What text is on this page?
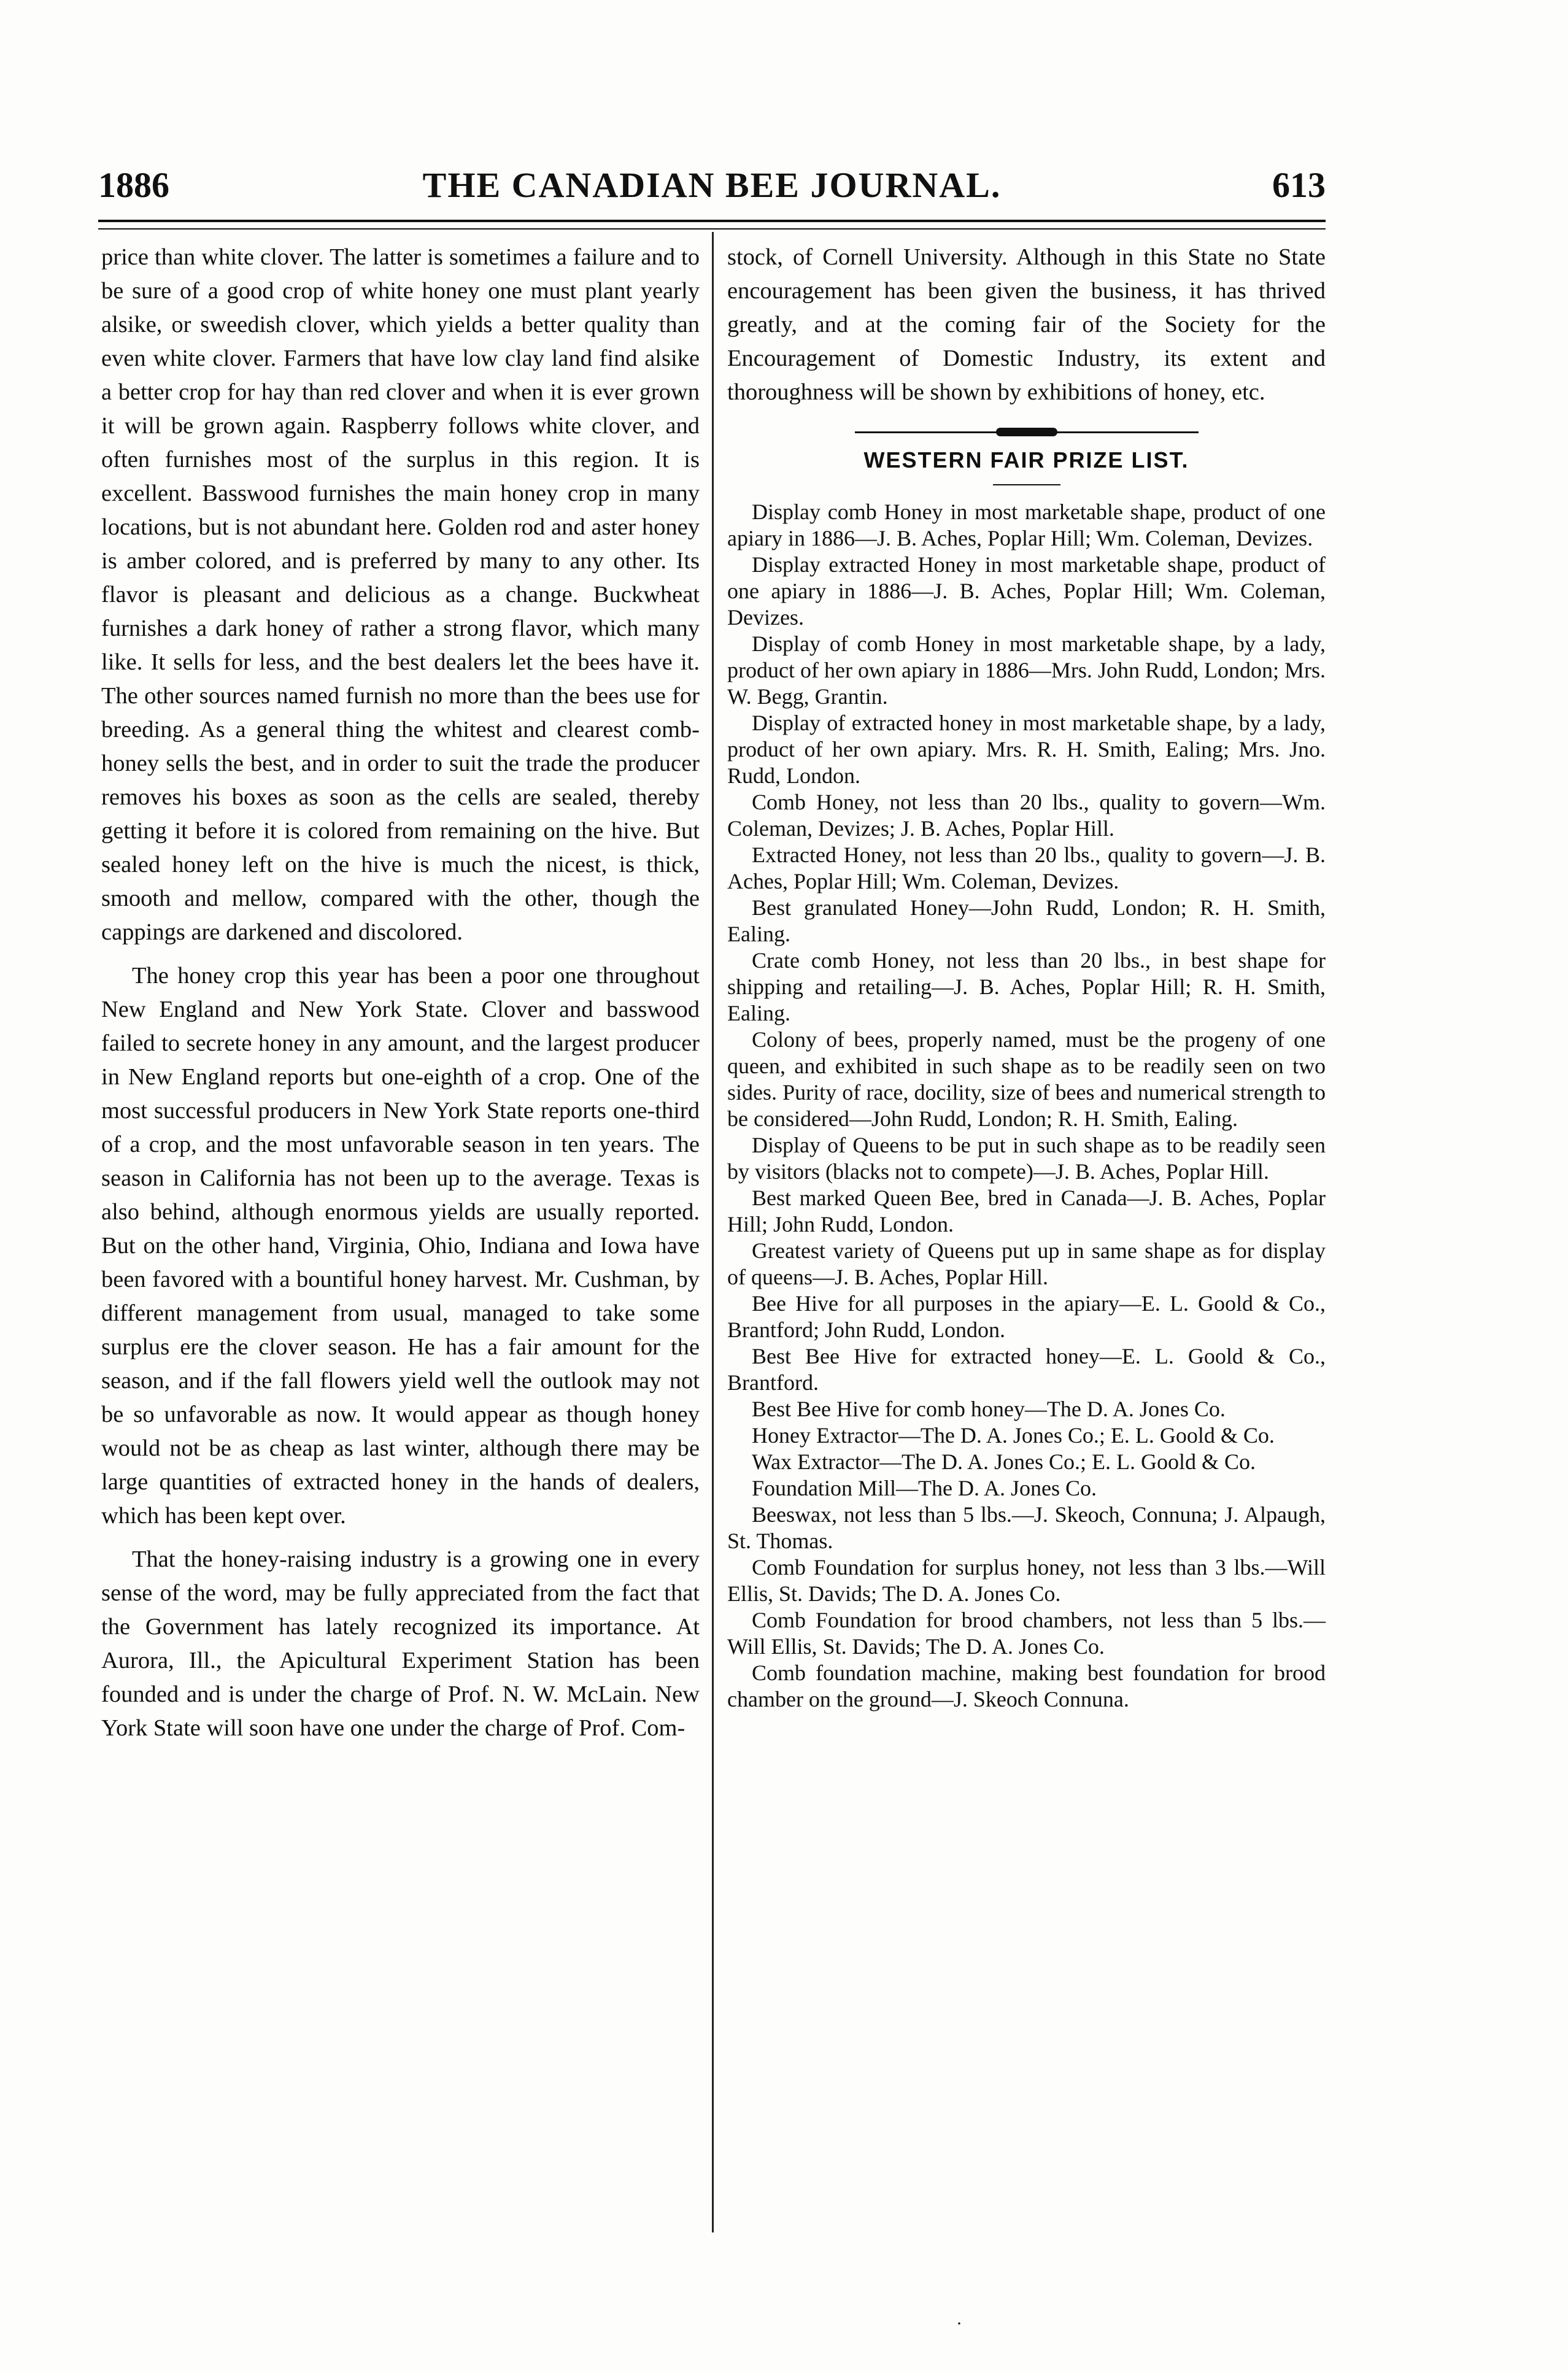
1886	THE CANADIAN BEE JOURNAL.	613

price than white clover. The latter is sometimes a failure and to be sure of a good crop of white honey one must plant yearly alsike, or sweedish clover, which yields a better quality than even white clover. Farmers that have low clay land find alsike a better crop for hay than red clover and when it is ever grown it will be grown again. Raspberry follows white clover, and often furnishes most of the surplus in this region. It is excellent. Basswood furnishes the main honey crop in many locations, but is not abundant here. Golden rod and aster honey is amber colored, and is preferred by many to any other. Its flavor is pleasant and delicious as a change. Buckwheat furnishes a dark honey of rather a strong flavor, which many like. It sells for less, and the best dealers let the bees have it. The other sources named furnish no more than the bees use for breeding. As a general thing the whitest and clearest comb-honey sells the best, and in order to suit the trade the producer removes his boxes as soon as the cells are sealed, thereby getting it before it is colored from remaining on the hive. But sealed honey left on the hive is much the nicest, is thick, smooth and mellow, compared with the other, though the cappings are darkened and discolored.

The honey crop this year has been a poor one throughout New England and New York State. Clover and basswood failed to secrete honey in any amount, and the largest producer in New England reports but one-eighth of a crop. One of the most successful producers in New York State reports one-third of a crop, and the most unfavorable season in ten years. The season in California has not been up to the average. Texas is also behind, although enormous yields are usually reported. But on the other hand, Virginia, Ohio, Indiana and Iowa have been favored with a bountiful honey harvest. Mr. Cushman, by different management from usual, managed to take some surplus ere the clover season. He has a fair amount for the season, and if the fall flowers yield well the outlook may not be so unfavorable as now. It would appear as though honey would not be as cheap as last winter, although there may be large quantities of extracted honey in the hands of dealers, which has been kept over.

That the honey-raising industry is a growing one in every sense of the word, may be fully appreciated from the fact that the Government has lately recognized its importance. At Aurora, Ill., the Apicultural Experiment Station has been founded and is under the charge of Prof. N. W. McLain. New York State will soon have one under the charge of Prof. Com-

stock, of Cornell University. Although in this State no State encouragement has been given the business, it has thrived greatly, and at the coming fair of the Society for the Encouragement of Domestic Industry, its extent and thoroughness will be shown by exhibitions of honey, etc.

WESTERN FAIR PRIZE LIST.

Display comb Honey in most marketable shape, product of one apiary in 1886—J. B. Aches, Poplar Hill; Wm. Coleman, Devizes.

Display extracted Honey in most marketable shape, product of one apiary in 1886—J. B. Aches, Poplar Hill; Wm. Coleman, Devizes.

Display of comb Honey in most marketable shape, by a lady, product of her own apiary in 1886—Mrs. John Rudd, London; Mrs. W. Begg, Grantin.

Display of extracted honey in most marketable shape, by a lady, product of her own apiary. Mrs. R. H. Smith, Ealing; Mrs. Jno. Rudd, London.

Comb Honey, not less than 20 lbs., quality to govern—Wm. Coleman, Devizes; J. B. Aches, Poplar Hill.

Extracted Honey, not less than 20 lbs., quality to govern—J. B. Aches, Poplar Hill; Wm. Coleman, Devizes.

Best granulated Honey—John Rudd, London; R. H. Smith, Ealing.

Crate comb Honey, not less than 20 lbs., in best shape for shipping and retailing—J. B. Aches, Poplar Hill; R. H. Smith, Ealing.

Colony of bees, properly named, must be the progeny of one queen, and exhibited in such shape as to be readily seen on two sides. Purity of race, docility, size of bees and numerical strength to be considered—John Rudd, London; R. H. Smith, Ealing.

Display of Queens to be put in such shape as to be readily seen by visitors (blacks not to compete)—J. B. Aches, Poplar Hill.

Best marked Queen Bee, bred in Canada—J. B. Aches, Poplar Hill; John Rudd, London.

Greatest variety of Queens put up in same shape as for display of queens—J. B. Aches, Poplar Hill.

Bee Hive for all purposes in the apiary—E. L. Goold & Co., Brantford; John Rudd, London.

Best Bee Hive for extracted honey—E. L. Goold & Co., Brantford.

Best Bee Hive for comb honey—The D. A. Jones Co.

Honey Extractor—The D. A. Jones Co.; E. L. Goold & Co.

Wax Extractor—The D. A. Jones Co.; E. L. Goold & Co.

Foundation Mill—The D. A. Jones Co.

Beeswax, not less than 5 lbs.—J. Skeoch, Connuna; J. Alpaugh, St. Thomas.

Comb Foundation for surplus honey, not less than 3 lbs.—Will Ellis, St. Davids; The D. A. Jones Co.

Comb Foundation for brood chambers, not less than 5 lbs.—Will Ellis, St. Davids; The D. A. Jones Co.

Comb foundation machine, making best foundation for brood chamber on the ground—J. Skeoch Connuna.

·
